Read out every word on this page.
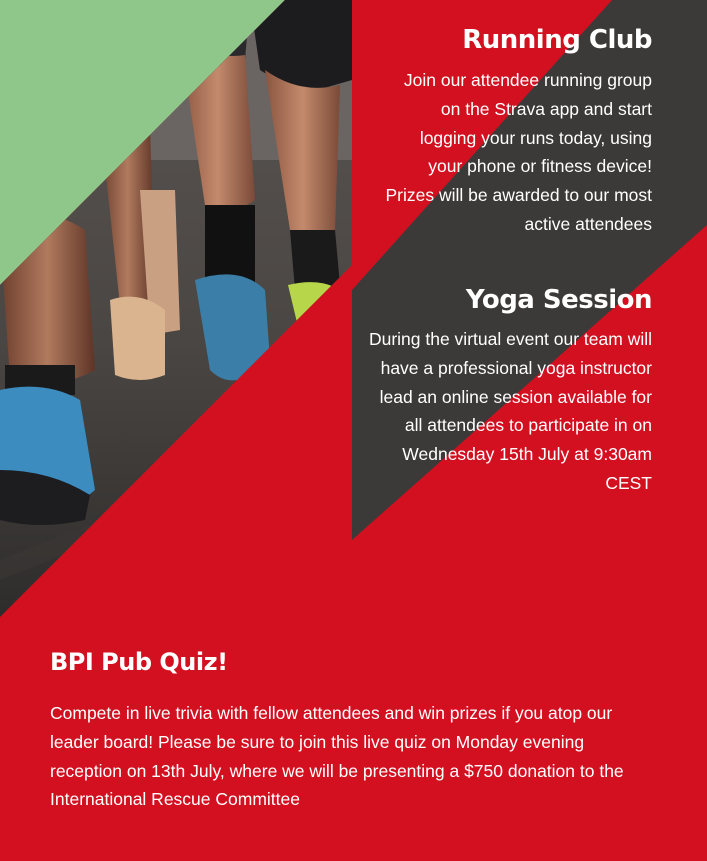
Running Club

Join our attendee running group on the Strava app and start logging your runs today, using your phone or fitness device! Prizes will be awarded to our most active attendees

Yoga Session

During the virtual event our team will have a professional yoga instructor lead an online session available for all attendees to participate in on Wednesday 15th July at 9:30am CEST

BPI Pub Quiz!

Compete in live trivia with fellow attendees and win prizes if you atop our leader board! Please be sure to join this live quiz on Monday evening reception on 13th July, where we will be presenting a $750 donation to the International Rescue Committee
